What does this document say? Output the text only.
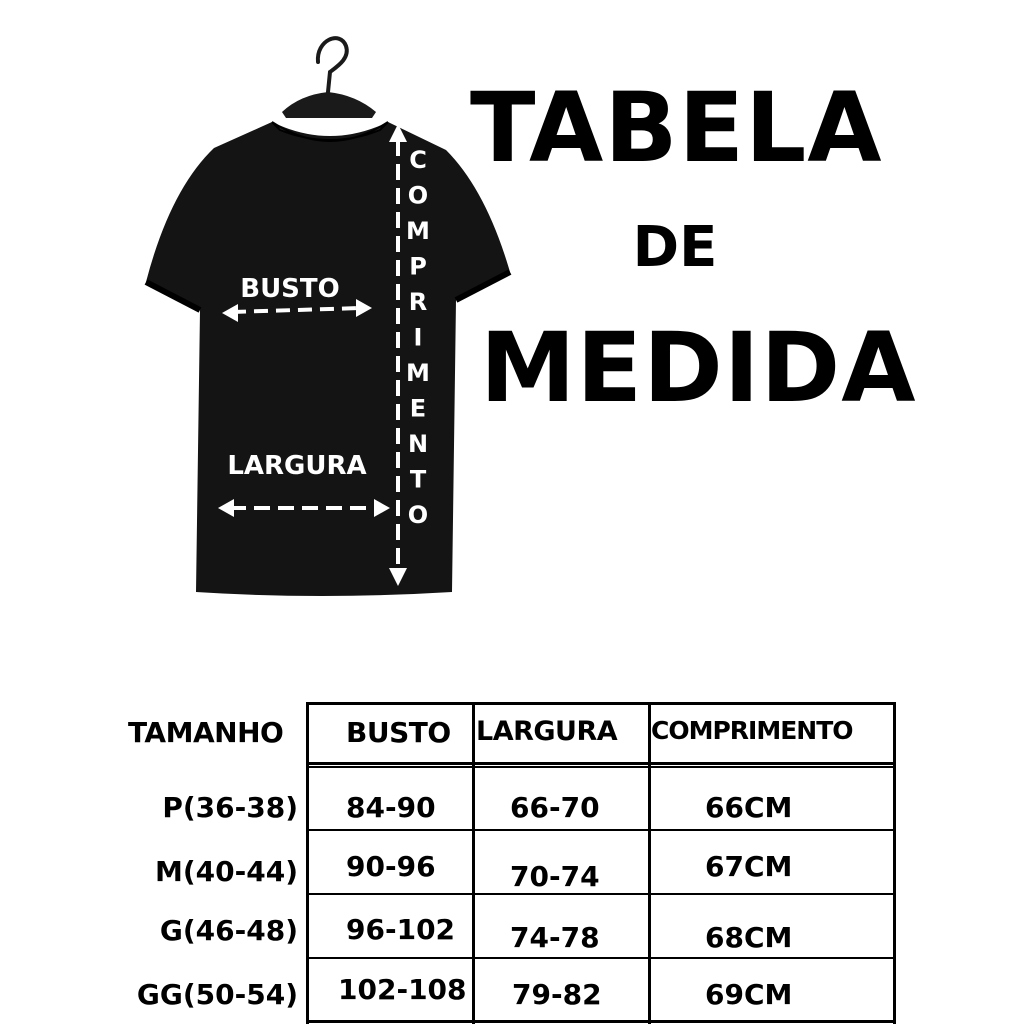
BUSTO
LARGURA
C
O
M
P
R
I
M
E
N
T
O
TABELA
DE
MEDIDA
TAMANHO BUSTO LARGURA COMPRIMENTO
P(36-38) 84-90	66-70	66CM
M(40-44) 90-96	70-74	67CM
G(46-48) 96-102 74-78	68CM
GG(50-54) 102-108 79-82	69CM
